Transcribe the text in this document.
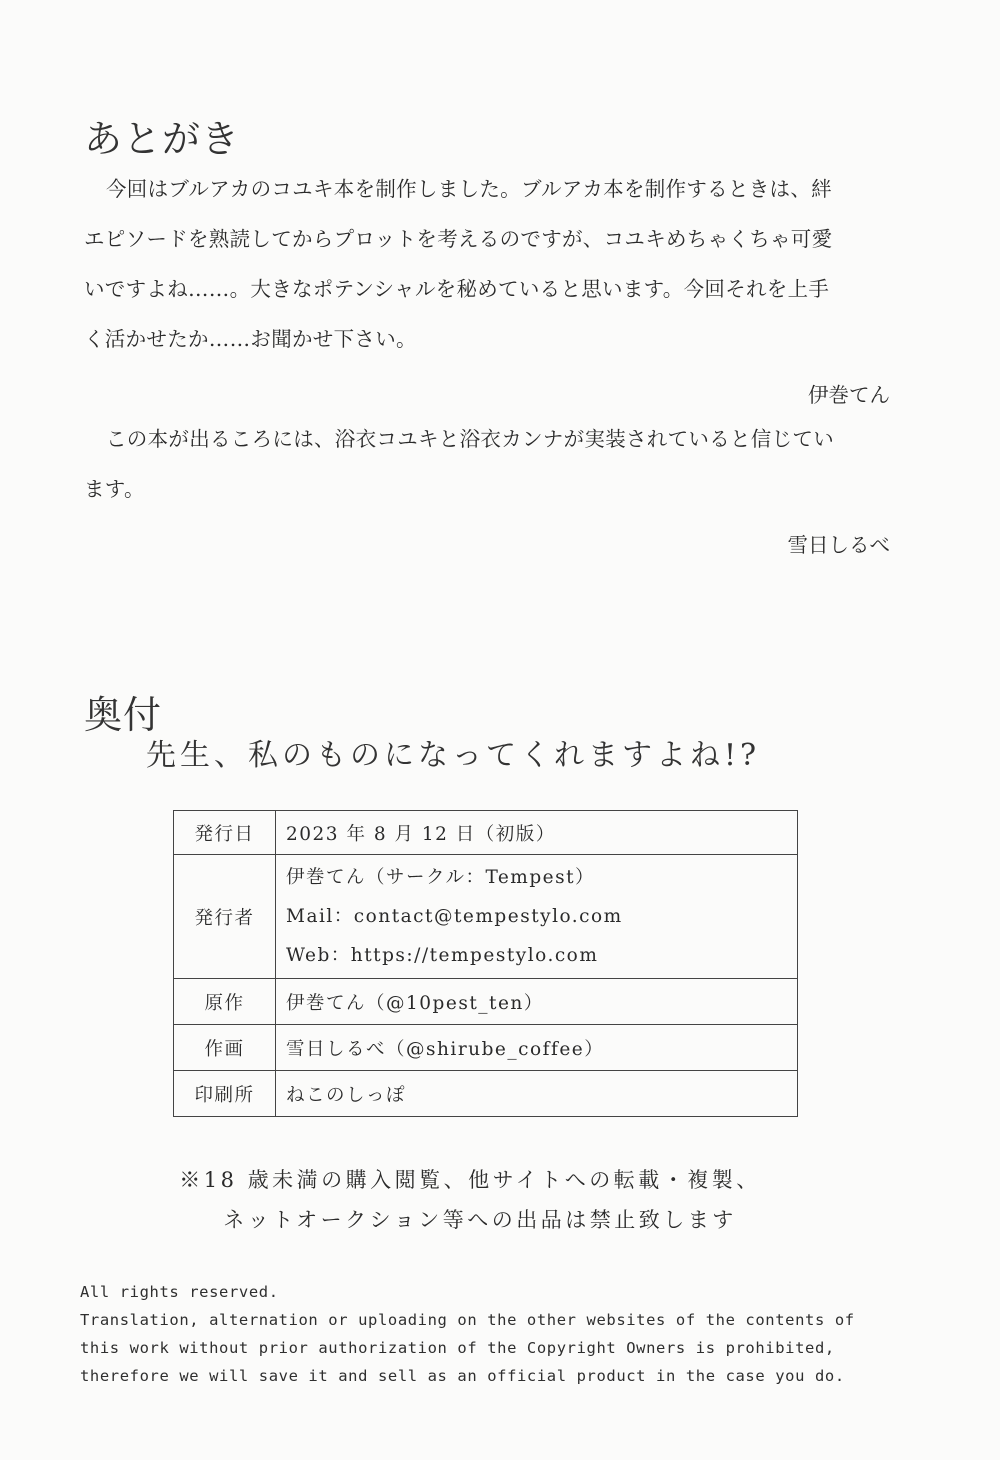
あとがき
今回はブルアカのコユキ本を制作しました。ブルアカ本を制作するときは、絆
エピソードを熟読してからプロットを考えるのですが、コユキめちゃくちゃ可愛
いですよね……。大きなポテンシャルを秘めていると思います。今回それを上手
く活かせたか……お聞かせ下さい。
伊巻てん
この本が出るころには、浴衣コユキと浴衣カンナが実装されていると信じてい
ます。
雪日しるべ
奥付
先生、私のものになってくれますよね!?
発行日	2023 年 8 月 12 日（初版）
発行者	伊巻てん（サークル：Tempest）
Mail：contact@tempestylo.com
Web：https://tempestylo.com

原作	伊巻てん（@10pest_ten）
作画	雪日しるべ（@shirube_coffee）
印刷所	ねこのしっぽ
※18 歳未満の購入閲覧、他サイトへの転載・複製、
ネットオークション等への出品は禁止致します
All rights reserved.
Translation, alternation or uploading on the other websites of the contents of
this work without prior authorization of the Copyright Owners is prohibited,
therefore we will save it and sell as an official product in the case you do.
